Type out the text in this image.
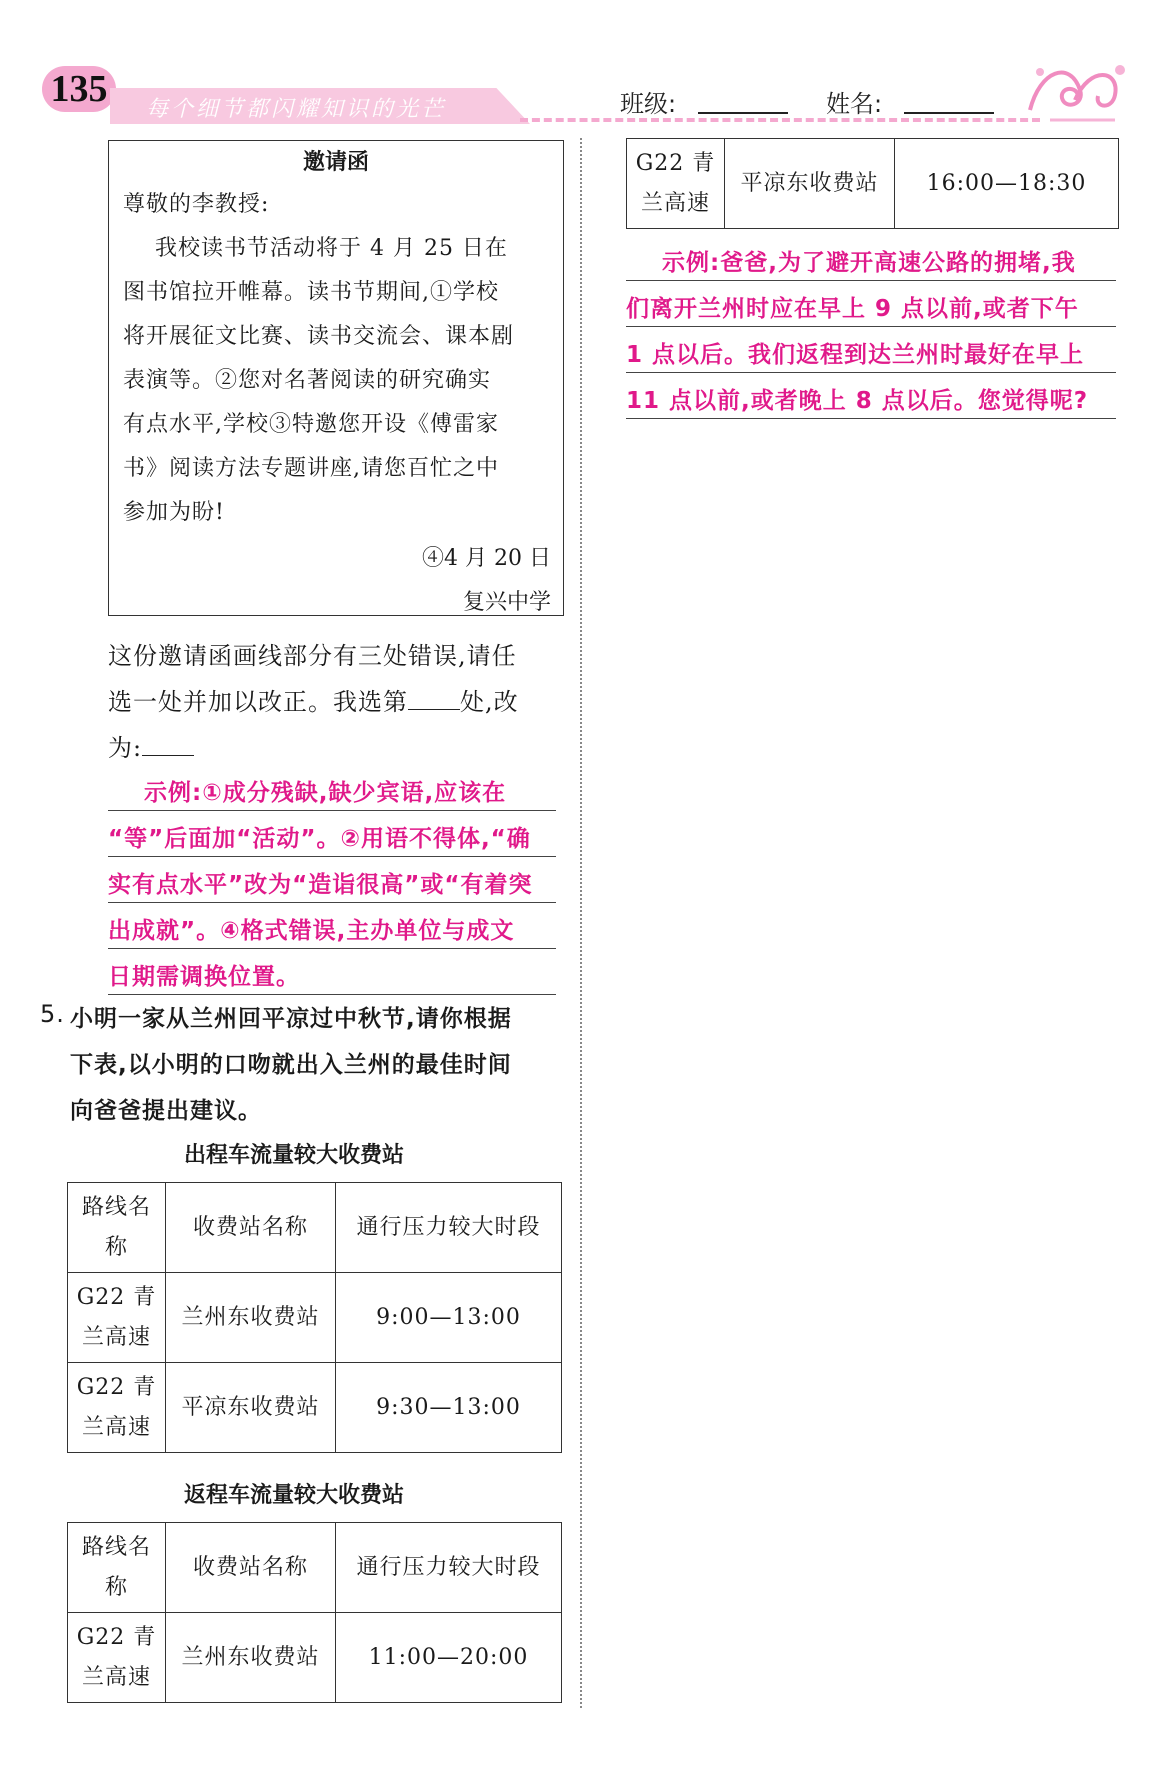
135	每个细节都闪耀知识的光芒	班级:	姓名:
邀请函
尊敬的李教授:
我校读书节活动将于 4 月 25 日在
图书馆拉开帷幕。读书节期间,①学校
将开展征文比赛、读书交流会、课本剧
表演等。②您对名著阅读的研究确实
有点水平,学校③特邀您开设《傅雷家
书》阅读方法专题讲座,请您百忙之中
参加为盼!
④4 月 20 日
复兴中学
这份邀请函画线部分有三处错误,请任
选一处并加以改正。我选第 处,改
为:
示例:①成分残缺,缺少宾语,应该在
“等”后面加“活动”。②用语不得体,“确
实有点水平”改为“造诣很高”或“有着突
出成就”。④格式错误,主办单位与成文
日期需调换位置。
5. 小明一家从兰州回平凉过中秋节,请你根据
下表,以小明的口吻就出入兰州的最佳时间
向爸爸提出建议。
出程车流量较大收费站
路线名称	收费站名称	通行压力较大时段
G22 青兰高速	兰州东收费站	9:00—13:00
G22 青兰高速	平凉东收费站	9:30—13:00
返程车流量较大收费站
路线名称	收费站名称	通行压力较大时段
G22 青兰高速	兰州东收费站	11:00—20:00
G22 青兰高速	平凉东收费站	16:00—18:30
示例:爸爸,为了避开高速公路的拥堵,我
们离开兰州时应在早上 9 点以前,或者下午
1 点以后。我们返程到达兰州时最好在早上
11 点以前,或者晚上 8 点以后。您觉得呢?
